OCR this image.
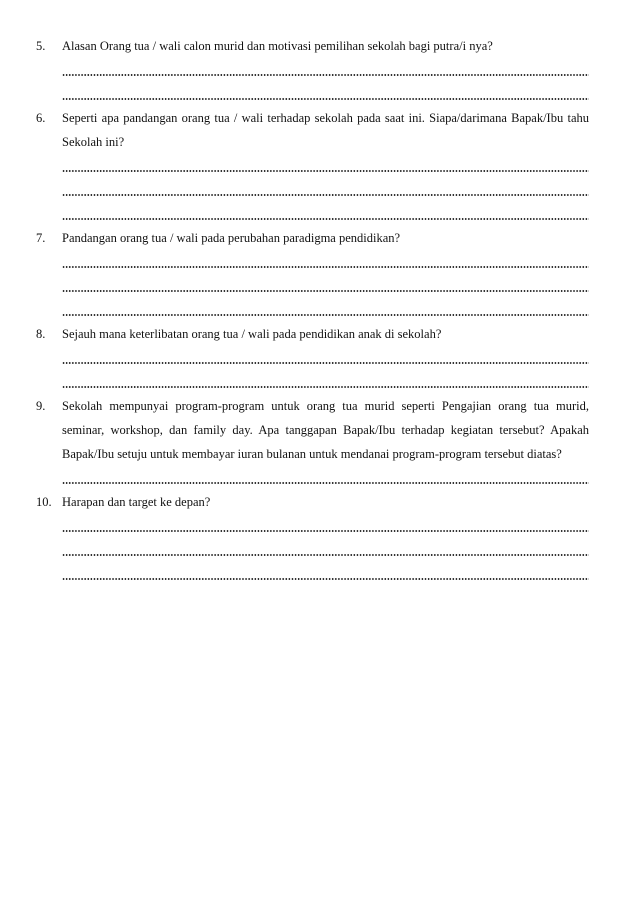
5. Alasan Orang tua / wali calon murid dan motivasi pemilihan sekolah bagi putra/i nya?
6. Seperti apa pandangan orang tua / wali terhadap sekolah pada saat ini. Siapa/darimana Bapak/Ibu tahu
Sekolah ini?
7. Pandangan orang tua / wali pada perubahan paradigma pendidikan?
8. Sejauh mana keterlibatan orang tua / wali pada pendidikan anak di sekolah?
9. Sekolah mempunyai program-program untuk orang tua murid seperti Pengajian orang tua murid,
seminar, workshop, dan family day. Apa tanggapan Bapak/Ibu terhadap kegiatan tersebut? Apakah
Bapak/Ibu setuju untuk membayar iuran bulanan untuk mendanai program-program tersebut diatas?
10. Harapan dan target ke depan?
